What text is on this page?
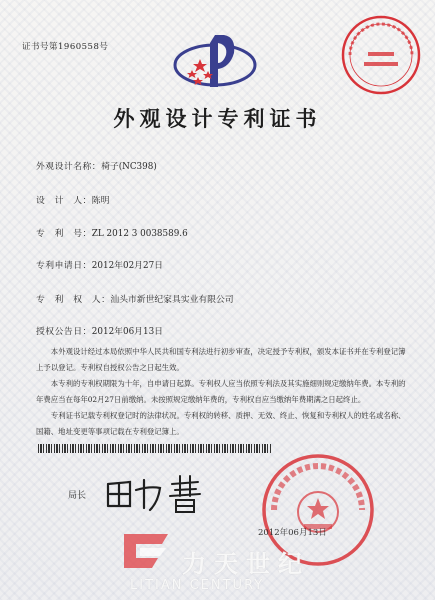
证书号第1960558号
外观设计专利证书
外观设计名称：椅子(NC398)
设　计　人：陈明
专　利　号：ZL 2012 3 0038589.6
专利申请日：2012年02月27日
专　利　权　人：汕头市新世纪家具实业有限公司
授权公告日：2012年06月13日
本外观设计经过本局依照中华人民共和国专利法进行初步审查，决定授予专利权，颁发本证书并在专利登记簿上予以登记。专利权自授权公告之日起生效。
本专利的专利权期限为十年，自申请日起算。专利权人应当依照专利法及其实施细则规定缴纳年费。本专利的年费应当在每年02月27日前缴纳。未按照规定缴纳年费的，专利权自应当缴纳年费期满之日起终止。
专利证书记载专利权登记时的法律状况。专利权的转移、质押、无效、终止、恢复和专利权人的姓名或名称、国籍、地址变更等事项记载在专利登记簿上。
局长
2012年06月13日
力天世纪
LITIAN CENTURY
